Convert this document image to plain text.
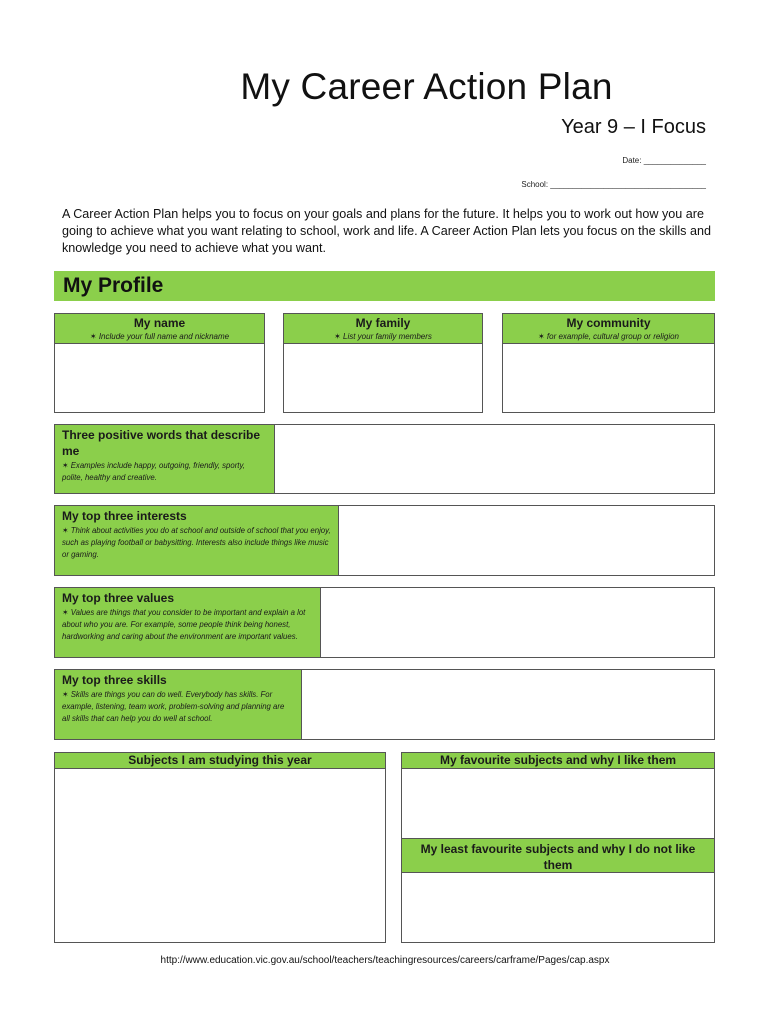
My Career Action Plan
Year 9 – I Focus
Date: ______________
School: ___________________________________
A Career Action Plan helps you to focus on your goals and plans for the future. It helps you to work out how you are going to achieve what you want relating to school, work and life. A Career Action Plan lets you focus on the skills and knowledge you need to achieve what you want.
My Profile
My name
✶ Include your full name and nickname
My family
✶ List your family members
My community
✶ for example, cultural group or religion
Three positive words that describe me
✶ Examples include happy, outgoing, friendly, sporty, polite, healthy and creative.
My top three interests
✶ Think about activities you do at school and outside of school that you enjoy, such as playing football or babysitting. Interests also include things like music or gaming.
My top three values
✶ Values are things that you consider to be important and explain a lot about who you are. For example, some people think being honest, hardworking and caring about the environment are important values.
My top three skills
✶ Skills are things you can do well. Everybody has skills. For example, listening, team work, problem-solving and planning are all skills that can help you do well at school.
Subjects I am studying this year	My favourite subjects and why I like them
My least favourite subjects and why I do not like them
http://www.education.vic.gov.au/school/teachers/teachingresources/careers/carframe/Pages/cap.aspx
